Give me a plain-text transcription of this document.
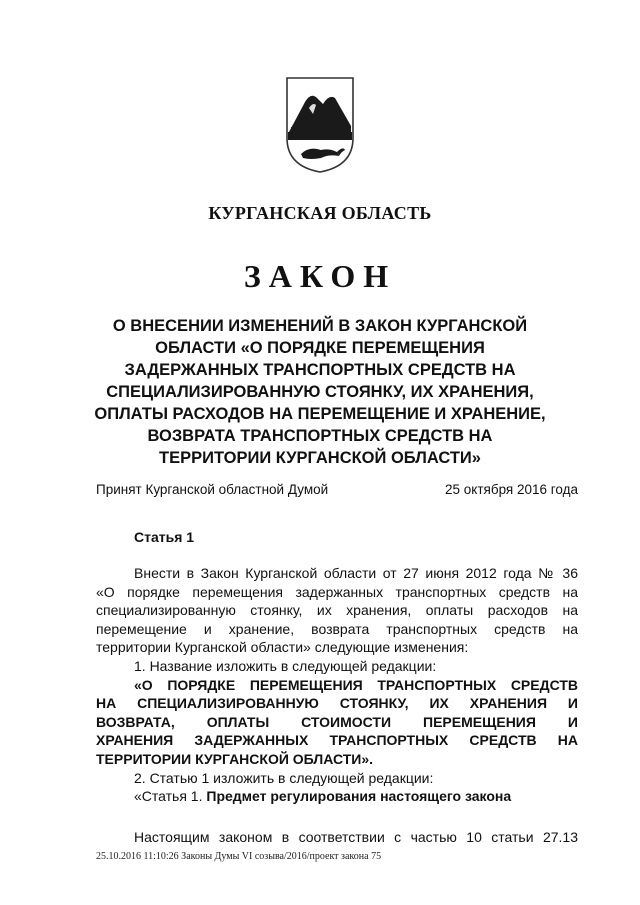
КУРГАНСКАЯ ОБЛАСТЬ
ЗАКОН
О ВНЕСЕНИИ ИЗМЕНЕНИЙ В ЗАКОН КУРГАНСКОЙ
ОБЛАСТИ «О ПОРЯДКЕ ПЕРЕМЕЩЕНИЯ
ЗАДЕРЖАННЫХ ТРАНСПОРТНЫХ СРЕДСТВ НА
СПЕЦИАЛИЗИРОВАННУЮ СТОЯНКУ, ИХ ХРАНЕНИЯ,
ОПЛАТЫ РАСХОДОВ НА ПЕРЕМЕЩЕНИЕ И ХРАНЕНИЕ,
ВОЗВРАТА ТРАНСПОРТНЫХ СРЕДСТВ НА
ТЕРРИТОРИИ КУРГАНСКОЙ ОБЛАСТИ»
Принят Курганской областной Думой	25 октября 2016 года
Статья 1
Внести в Закон Курганской области от 27 июня 2012 года № 36
«О порядке перемещения задержанных транспортных средств на
специализированную стоянку, их хранения, оплаты расходов на
перемещение и хранение, возврата транспортных средств на
территории Курганской области» следующие изменения:
1. Название изложить в следующей редакции:
«О ПОРЯДКЕ ПЕРЕМЕЩЕНИЯ ТРАНСПОРТНЫХ СРЕДСТВ
НА СПЕЦИАЛИЗИРОВАННУЮ СТОЯНКУ, ИХ ХРАНЕНИЯ И
ВОЗВРАТА, ОПЛАТЫ СТОИМОСТИ ПЕРЕМЕЩЕНИЯ И
ХРАНЕНИЯ ЗАДЕРЖАННЫХ ТРАНСПОРТНЫХ СРЕДСТВ НА
ТЕРРИТОРИИ КУРГАНСКОЙ ОБЛАСТИ».
2. Статью 1 изложить в следующей редакции:
«Статья 1. Предмет регулирования настоящего закона
Настоящим законом в соответствии с частью 10 статьи 27.13
25.10.2016 11:10:26 Законы Думы VI созыва/2016/проект закона 75
